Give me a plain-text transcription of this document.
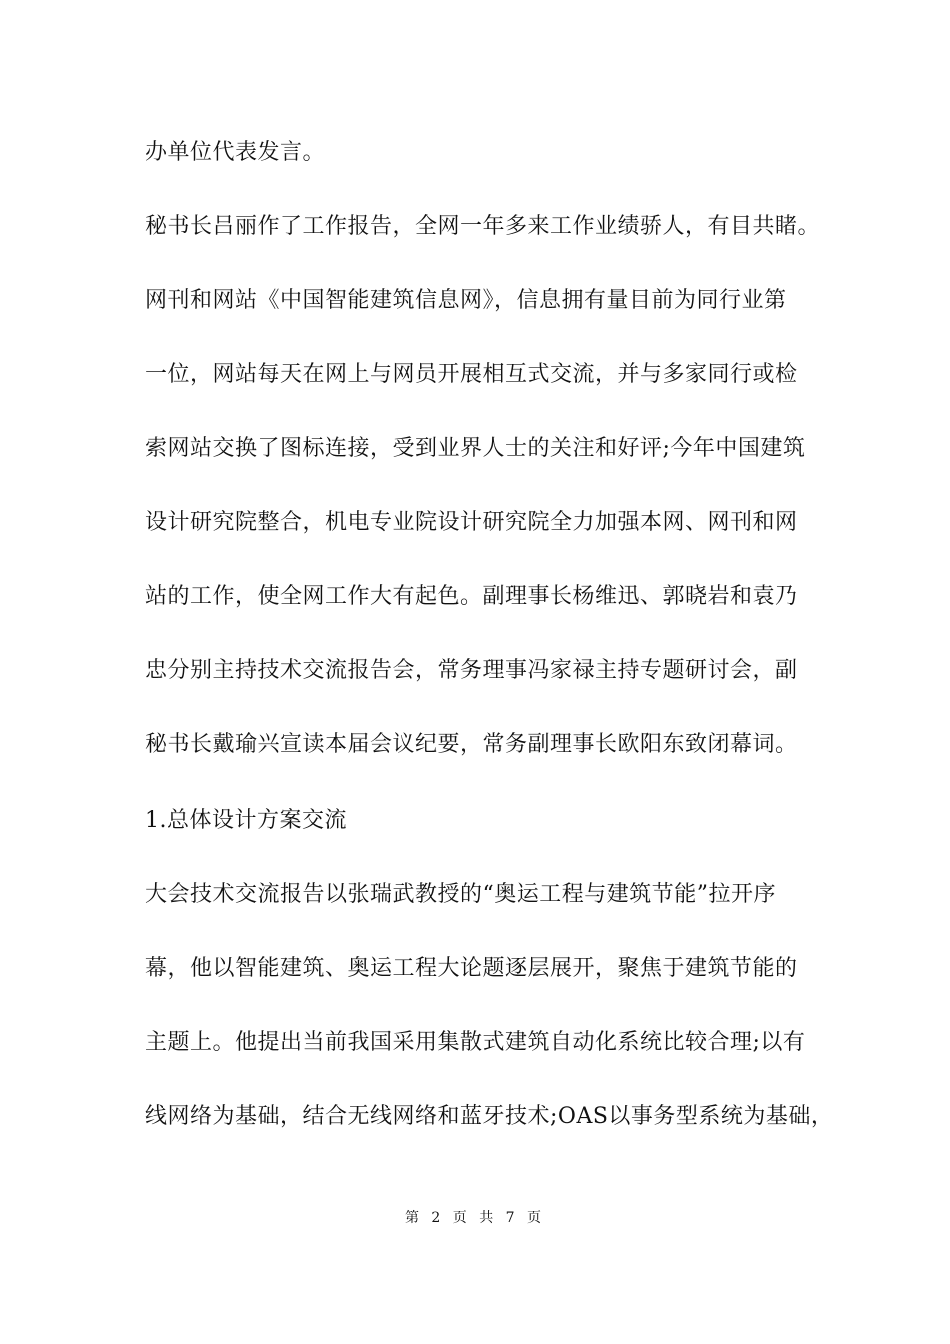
办单位代表发言。
秘书长吕丽作了工作报告，全网一年多来工作业绩骄人，有目共睹。
网刊和网站《中国智能建筑信息网》，信息拥有量目前为同行业第
一位，网站每天在网上与网员开展相互式交流，并与多家同行或检
索网站交换了图标连接，受到业界人士的关注和好评;今年中国建筑
设计研究院整合，机电专业院设计研究院全力加强本网、网刊和网
站的工作，使全网工作大有起色。副理事长杨维迅、郭晓岩和袁乃
忠分别主持技术交流报告会，常务理事冯家禄主持专题研讨会，副
秘书长戴瑜兴宣读本届会议纪要，常务副理事长欧阳东致闭幕词。
1.总体设计方案交流
大会技术交流报告以张瑞武教授的“奥运工程与建筑节能”拉开序
幕，他以智能建筑、奥运工程大论题逐层展开，聚焦于建筑节能的
主题上。他提出当前我国采用集散式建筑自动化系统比较合理;以有
线网络为基础，结合无线网络和蓝牙技术;OAS以事务型系统为基础，
第 2 页 共 7 页
